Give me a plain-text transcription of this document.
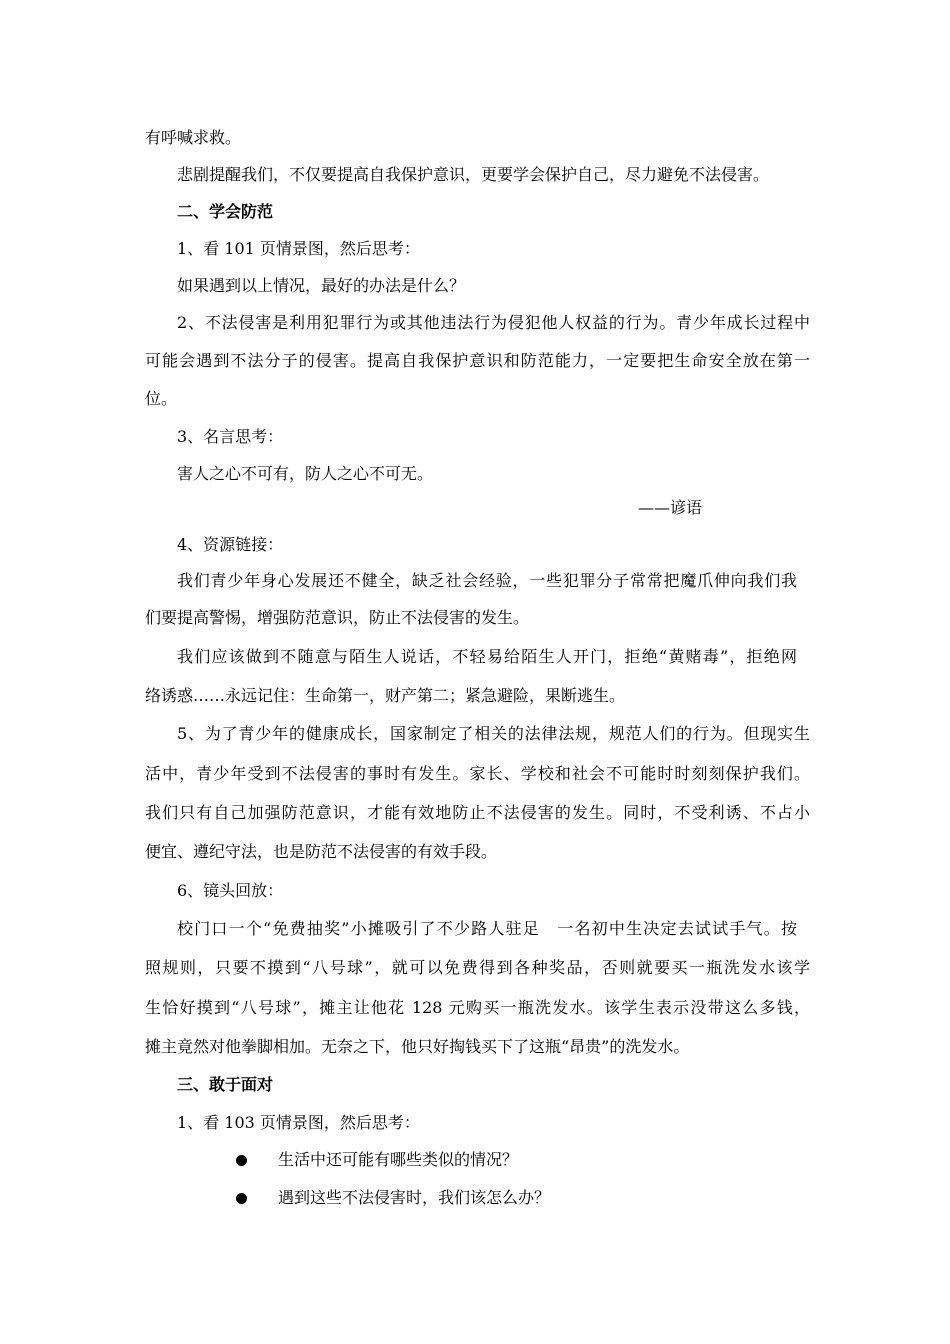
有呼喊求救。
悲剧提醒我们，不仅要提高自我保护意识，更要学会保护自己，尽力避免不法侵害。
二、学会防范
1、看 101 页情景图，然后思考：
如果遇到以上情况，最好的办法是什么？
2、不法侵害是利用犯罪行为或其他违法行为侵犯他人权益的行为。青少年成长过程中
可能会遇到不法分子的侵害。提高自我保护意识和防范能力，一定要把生命安全放在第一
位。
3、名言思考：
害人之心不可有，防人之心不可无。
——谚语
4、资源链接：
我们青少年身心发展还不健全，缺乏社会经验，一些犯罪分子常常把魔爪伸向我们我
们要提高警惕，增强防范意识，防止不法侵害的发生。
我们应该做到不随意与陌生人说话，不轻易给陌生人开门，拒绝“黄赌毒”，拒绝网
络诱惑……永远记住：生命第一，财产第二；紧急避险，果断逃生。
5、为了青少年的健康成长，国家制定了相关的法律法规，规范人们的行为。但现实生
活中，青少年受到不法侵害的事时有发生。家长、学校和社会不可能时时刻刻保护我们。
我们只有自己加强防范意识，才能有效地防止不法侵害的发生。同时，不受利诱、不占小
便宜、遵纪守法，也是防范不法侵害的有效手段。
6、镜头回放：
校门口一个“免费抽奖”小摊吸引了不少路人驻足　一名初中生决定去试试手气。按
照规则，只要不摸到“八号球”，就可以免费得到各种奖品，否则就要买一瓶洗发水该学
生恰好摸到“八号球”，摊主让他花 128 元购买一瓶洗发水。该学生表示没带这么多钱，
摊主竟然对他拳脚相加。无奈之下，他只好掏钱买下了这瓶“昂贵”的洗发水。
三、敢于面对
1、看 103 页情景图，然后思考：
生活中还可能有哪些类似的情况？
遇到这些不法侵害时，我们该怎么办？
